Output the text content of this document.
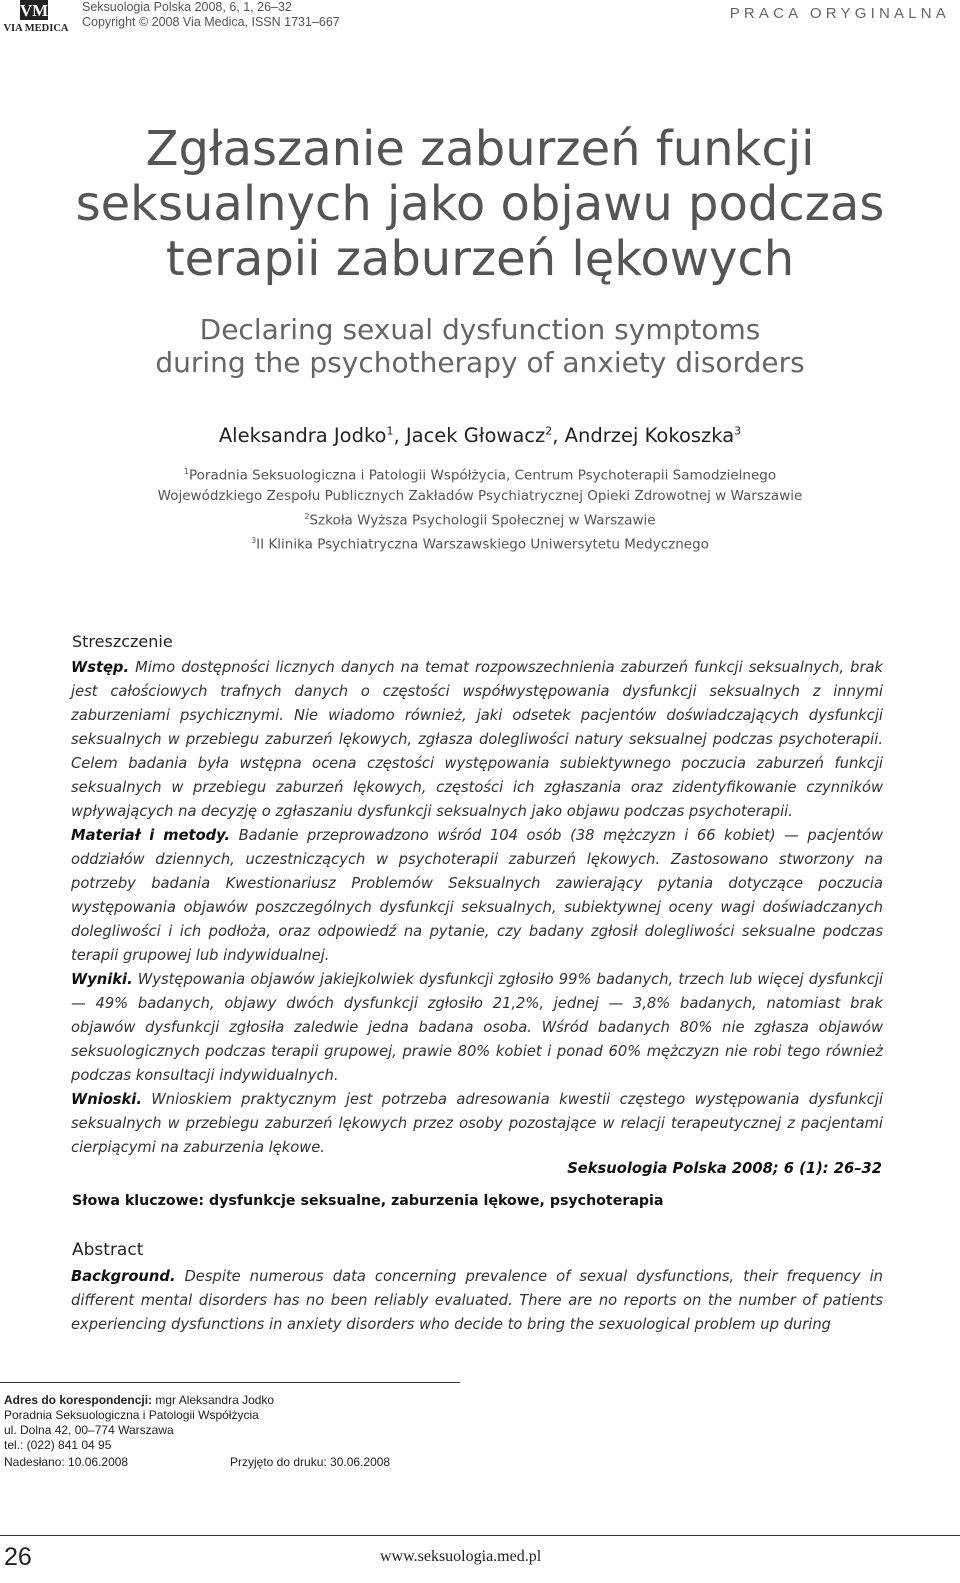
VM
VIA MEDICA
Seksuologia Polska 2008, 6, 1, 26–32
Copyright © 2008 Via Medica, ISSN 1731–667	PRACA ORYGINALNA
Zgłaszanie zaburzeń funkcji
seksualnych jako objawu podczas
terapii zaburzeń lękowych
Declaring sexual dysfunction symptoms
during the psychotherapy of anxiety disorders
Aleksandra Jodko$^1$, Jacek Głowacz$^2$, Andrzej Kokoszka$^3$
$^1$Poradnia Seksuologiczna i Patologii Współżycia, Centrum Psychoterapii Samodzielnego
Wojewódzkiego Zespołu Publicznych Zakładów Psychiatrycznej Opieki Zdrowotnej w Warszawie
$^2$Szkoła Wyższa Psychologii Społecznej w Warszawie
$^3$II Klinika Psychiatryczna Warszawskiego Uniwersytetu Medycznego
Streszczenie

Wstęp. Mimo dostępności licznych danych na temat rozpowszechnienia zaburzeń funkcji seksualnych, brak jest całościowych trafnych danych o częstości współwystępowania dysfunkcji seksualnych z innymi zaburzeniami psychicznymi. Nie wiadomo również, jaki odsetek pacjentów doświadczających dysfunkcji seksualnych w przebiegu zaburzeń lękowych, zgłasza dolegliwości natury seksualnej podczas psychoterapii. Celem badania była wstępna ocena częstości występowania subiektywnego poczucia zaburzeń funkcji seksualnych w przebiegu zaburzeń lękowych, częstości ich zgłaszania oraz zidentyfikowanie czynników wpływających na decyzję o zgłaszaniu dysfunkcji seksualnych jako objawu podczas psychoterapii.

Materiał i metody. Badanie przeprowadzono wśród 104 osób (38 mężczyzn i 66 kobiet) — pacjentów oddziałów dziennych, uczestniczących w psychoterapii zaburzeń lękowych. Zastosowano stworzony na potrzeby badania Kwestionariusz Problemów Seksualnych zawierający pytania dotyczące poczucia występowania objawów poszczególnych dysfunkcji seksualnych, subiektywnej oceny wagi doświadczanych dolegliwości i ich podłoża, oraz odpowiedź na pytanie, czy badany zgłosił dolegliwości seksualne podczas terapii grupowej lub indywidualnej.

Wyniki. Występowania objawów jakiejkolwiek dysfunkcji zgłosiło 99% badanych, trzech lub więcej dysfunkcji — 49% badanych, objawy dwóch dysfunkcji zgłosiło 21,2%, jednej — 3,8% badanych, natomiast brak objawów dysfunkcji zgłosiła zaledwie jedna badana osoba. Wśród badanych 80% nie zgłasza objawów seksuologicznych podczas terapii grupowej, prawie 80% kobiet i ponad 60% mężczyzn nie robi tego również podczas konsultacji indywidualnych.

Wnioski. Wnioskiem praktycznym jest potrzeba adresowania kwestii częstego występowania dysfunkcji seksualnych w przebiegu zaburzeń lękowych przez osoby pozostające w relacji terapeutycznej z pacjentami cierpiącymi na zaburzenia lękowe.

Seksuologia Polska 2008; 6 (1): 26–32
Słowa kluczowe: dysfunkcje seksualne, zaburzenia lękowe, psychoterapia
Abstract

Background. Despite numerous data concerning prevalence of sexual dysfunctions, their frequency in different mental disorders has no been reliably evaluated. There are no reports on the number of patients experiencing dysfunctions in anxiety disorders who decide to bring the sexuological problem up during

Adres do korespondencji: mgr Aleksandra Jodko
Poradnia Seksuologiczna i Patologii Współżycia
ul. Dolna 42, 00–774 Warszawa
tel.: (022) 841 04 95
Nadesłano: 10.06.2008	Przyjęto do druku: 30.06.2008
26	www.seksuologia.med.pl
